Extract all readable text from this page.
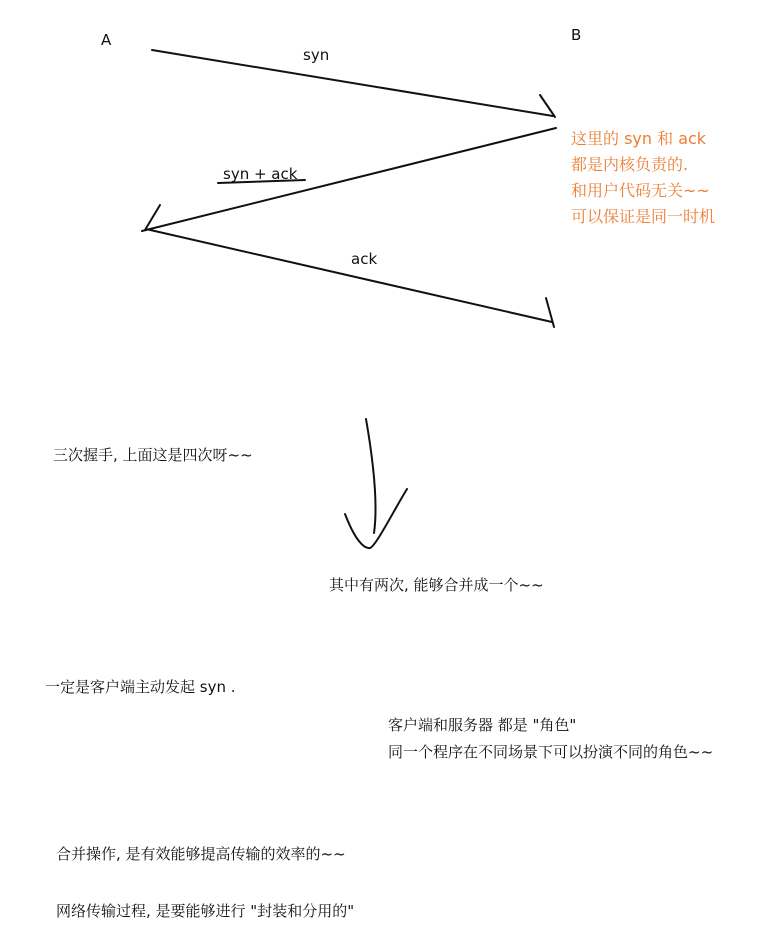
A	B
syn
syn + ack
ack
这里的 syn 和 ack
都是内核负责的.
和用户代码无关~~
可以保证是同一时机
三次握手, 上面这是四次呀~~
其中有两次, 能够合并成一个~~
一定是客户端主动发起 syn .
客户端和服务器 都是 "角色"
同一个程序在不同场景下可以扮演不同的角色~~
合并操作, 是有效能够提高传输的效率的~~
网络传输过程, 是要能够进行 "封装和分用的"
